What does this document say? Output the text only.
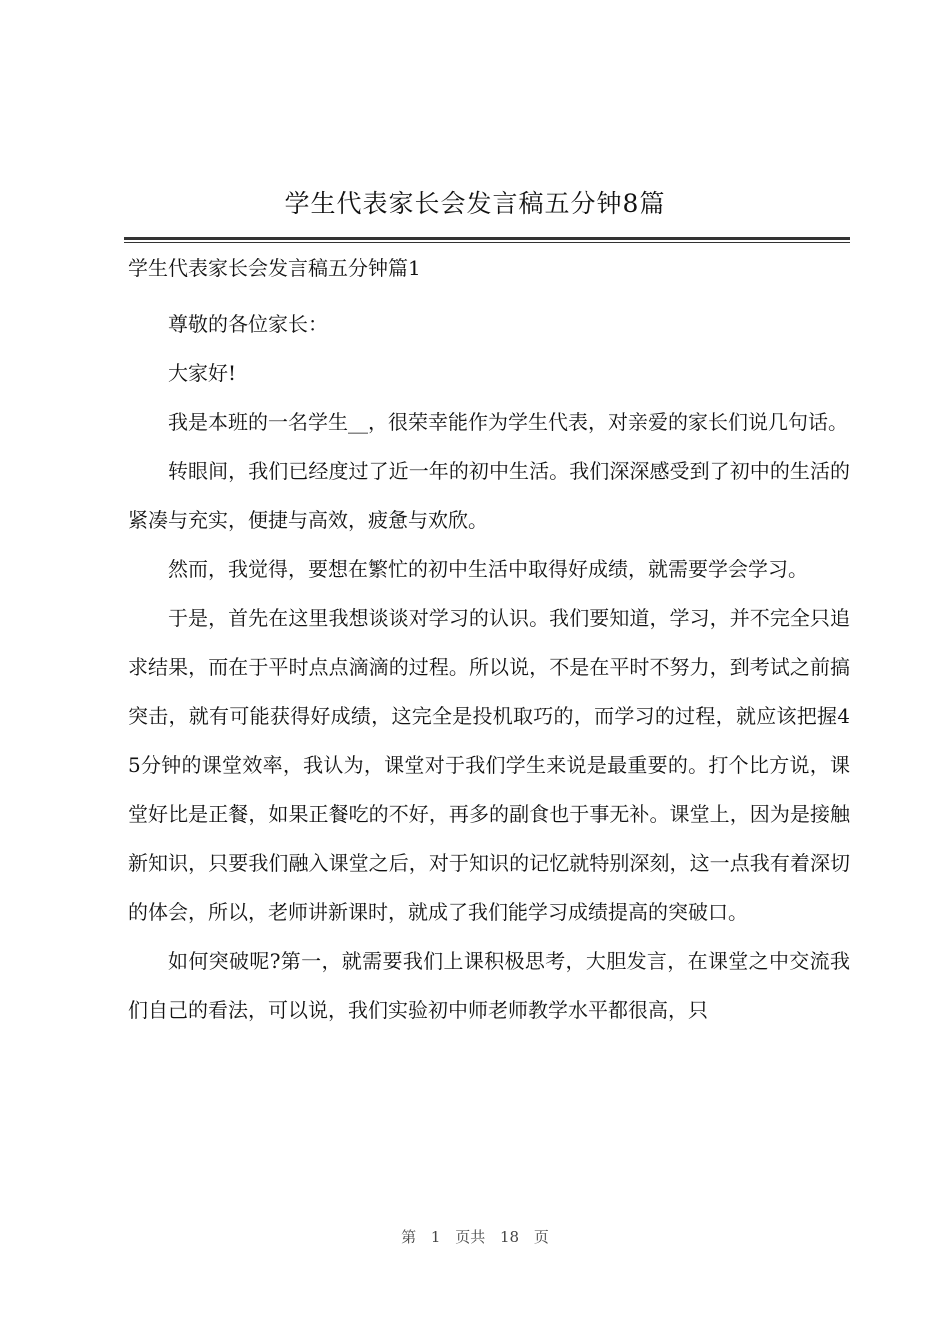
学生代表家长会发言稿五分钟8篇
学生代表家长会发言稿五分钟篇1

尊敬的各位家长：

大家好!

我是本班的一名学生__，很荣幸能作为学生代表，对亲爱的家长们说几句话。

转眼间，我们已经度过了近一年的初中生活。我们深深感受到了初中的生活的紧凑与充实，便捷与高效，疲惫与欢欣。

然而，我觉得，要想在繁忙的初中生活中取得好成绩，就需要学会学习。

于是，首先在这里我想谈谈对学习的认识。我们要知道，学习，并不完全只追求结果，而在于平时点点滴滴的过程。所以说，不是在平时不努力，到考试之前搞突击，就有可能获得好成绩，这完全是投机取巧的，而学习的过程，就应该把握45分钟的课堂效率，我认为，课堂对于我们学生来说是最重要的。打个比方说，课堂好比是正餐，如果正餐吃的不好，再多的副食也于事无补。课堂上，因为是接触新知识，只要我们融入课堂之后，对于知识的记忆就特别深刻，这一点我有着深切的体会，所以，老师讲新课时，就成了我们能学习成绩提高的突破口。

如何突破呢?第一，就需要我们上课积极思考，大胆发言，在课堂之中交流我们自己的看法，可以说，我们实验初中师老师教学水平都很高，只

第 1 页共 18 页
